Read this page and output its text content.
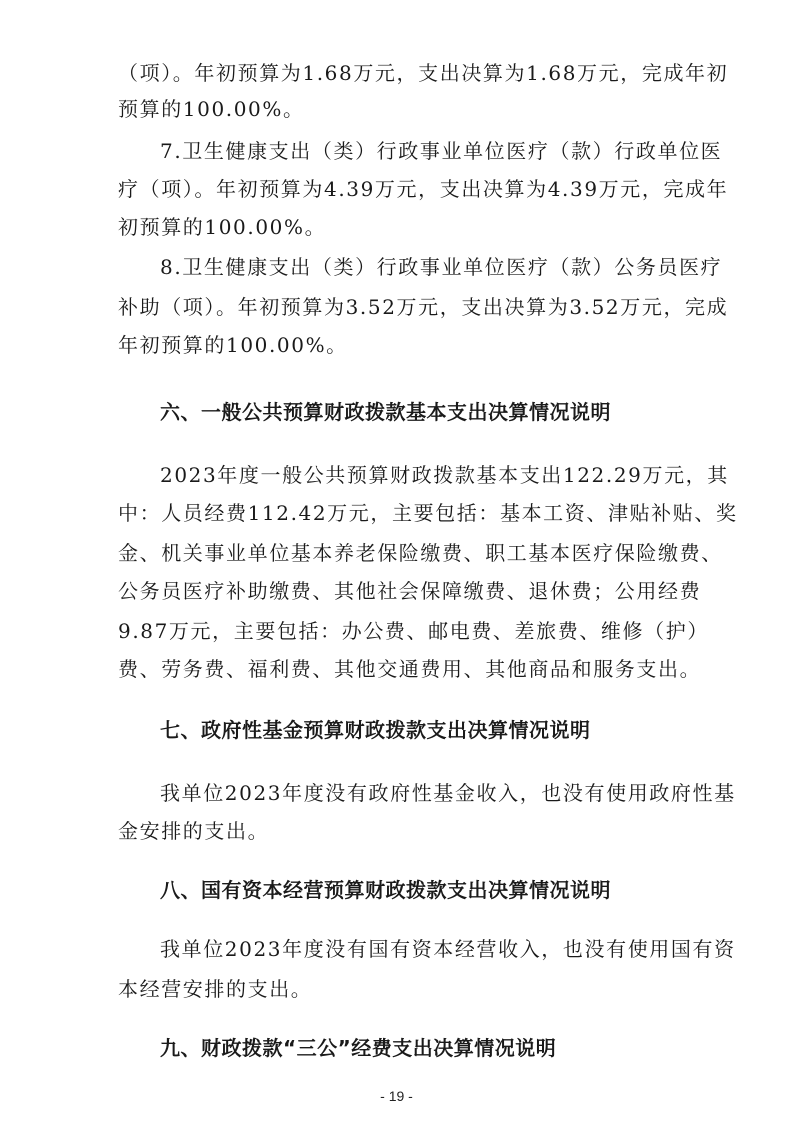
（项）。年初预算为1.68万元，支出决算为1.68万元，完成年初
预算的100.00%。
7.卫生健康支出（类）行政事业单位医疗（款）行政单位医
疗（项）。年初预算为4.39万元，支出决算为4.39万元，完成年
初预算的100.00%。
8.卫生健康支出（类）行政事业单位医疗（款）公务员医疗
补助（项）。年初预算为3.52万元，支出决算为3.52万元，完成
年初预算的100.00%。
六、一般公共预算财政拨款基本支出决算情况说明
2023年度一般公共预算财政拨款基本支出122.29万元，其
中：人员经费112.42万元，主要包括：基本工资、津贴补贴、奖
金、机关事业单位基本养老保险缴费、职工基本医疗保险缴费、
公务员医疗补助缴费、其他社会保障缴费、退休费；公用经费
9.87万元，主要包括：办公费、邮电费、差旅费、维修（护）
费、劳务费、福利费、其他交通费用、其他商品和服务支出。
七、政府性基金预算财政拨款支出决算情况说明
我单位2023年度没有政府性基金收入，也没有使用政府性基
金安排的支出。
八、国有资本经营预算财政拨款支出决算情况说明
我单位2023年度没有国有资本经营收入，也没有使用国有资
本经营安排的支出。
九、财政拨款“三公”经费支出决算情况说明
- 19 -
